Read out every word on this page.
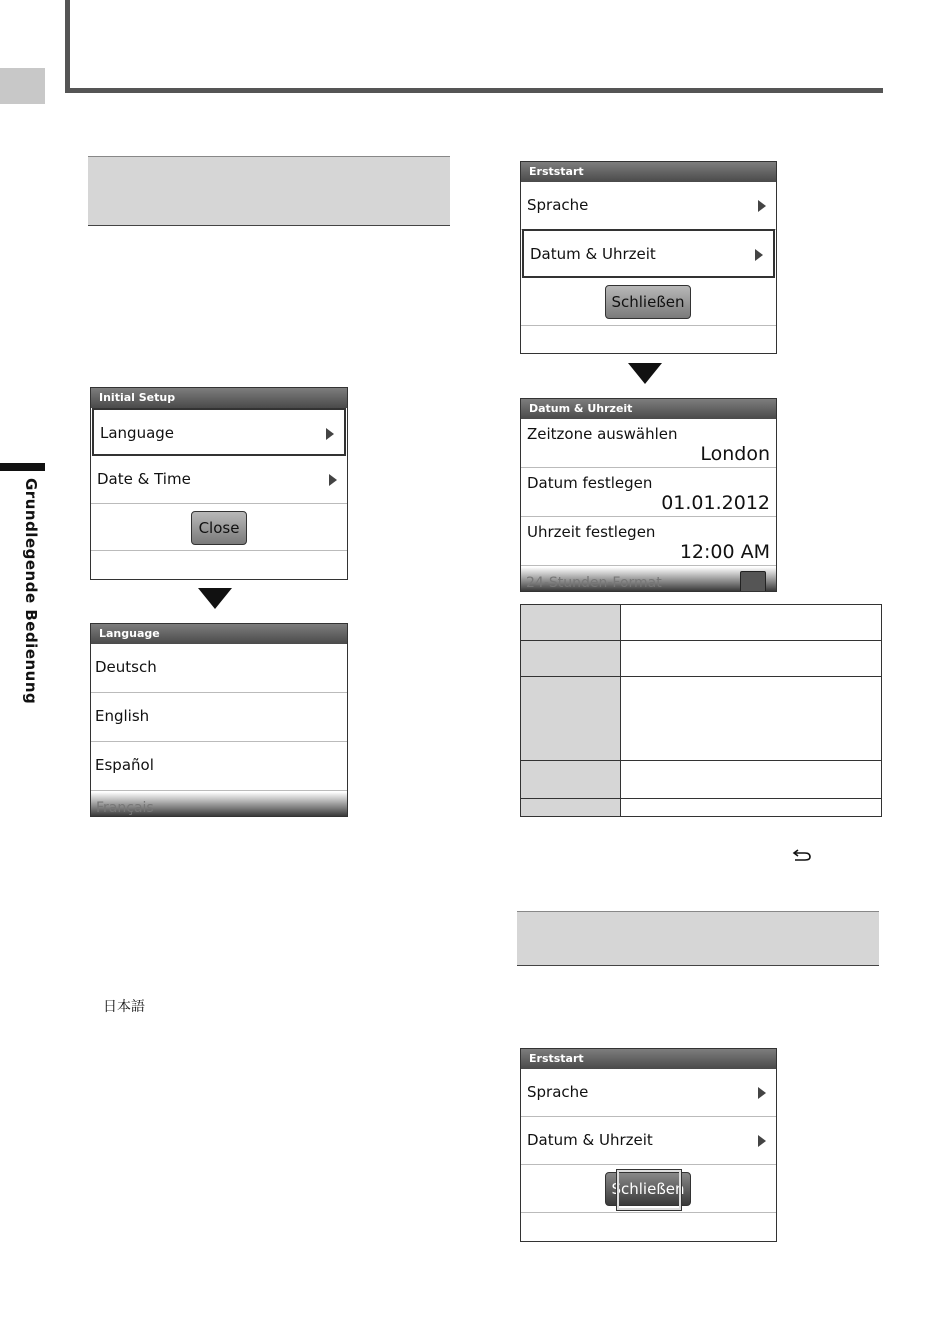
Grundlegende Bedienung
Initial Setup
Language
Date & Time
Close
Language
Deutsch
English
Español
Français
日本語
Erststart
Sprache
Datum & Uhrzeit
Schließen
Datum & Uhrzeit
Zeitzone auswählen
London
Datum festlegen
01.01.2012
Uhrzeit festlegen
12:00 AM
24-Stunden-Format

Erststart
Sprache
Datum & Uhrzeit
Schließen
